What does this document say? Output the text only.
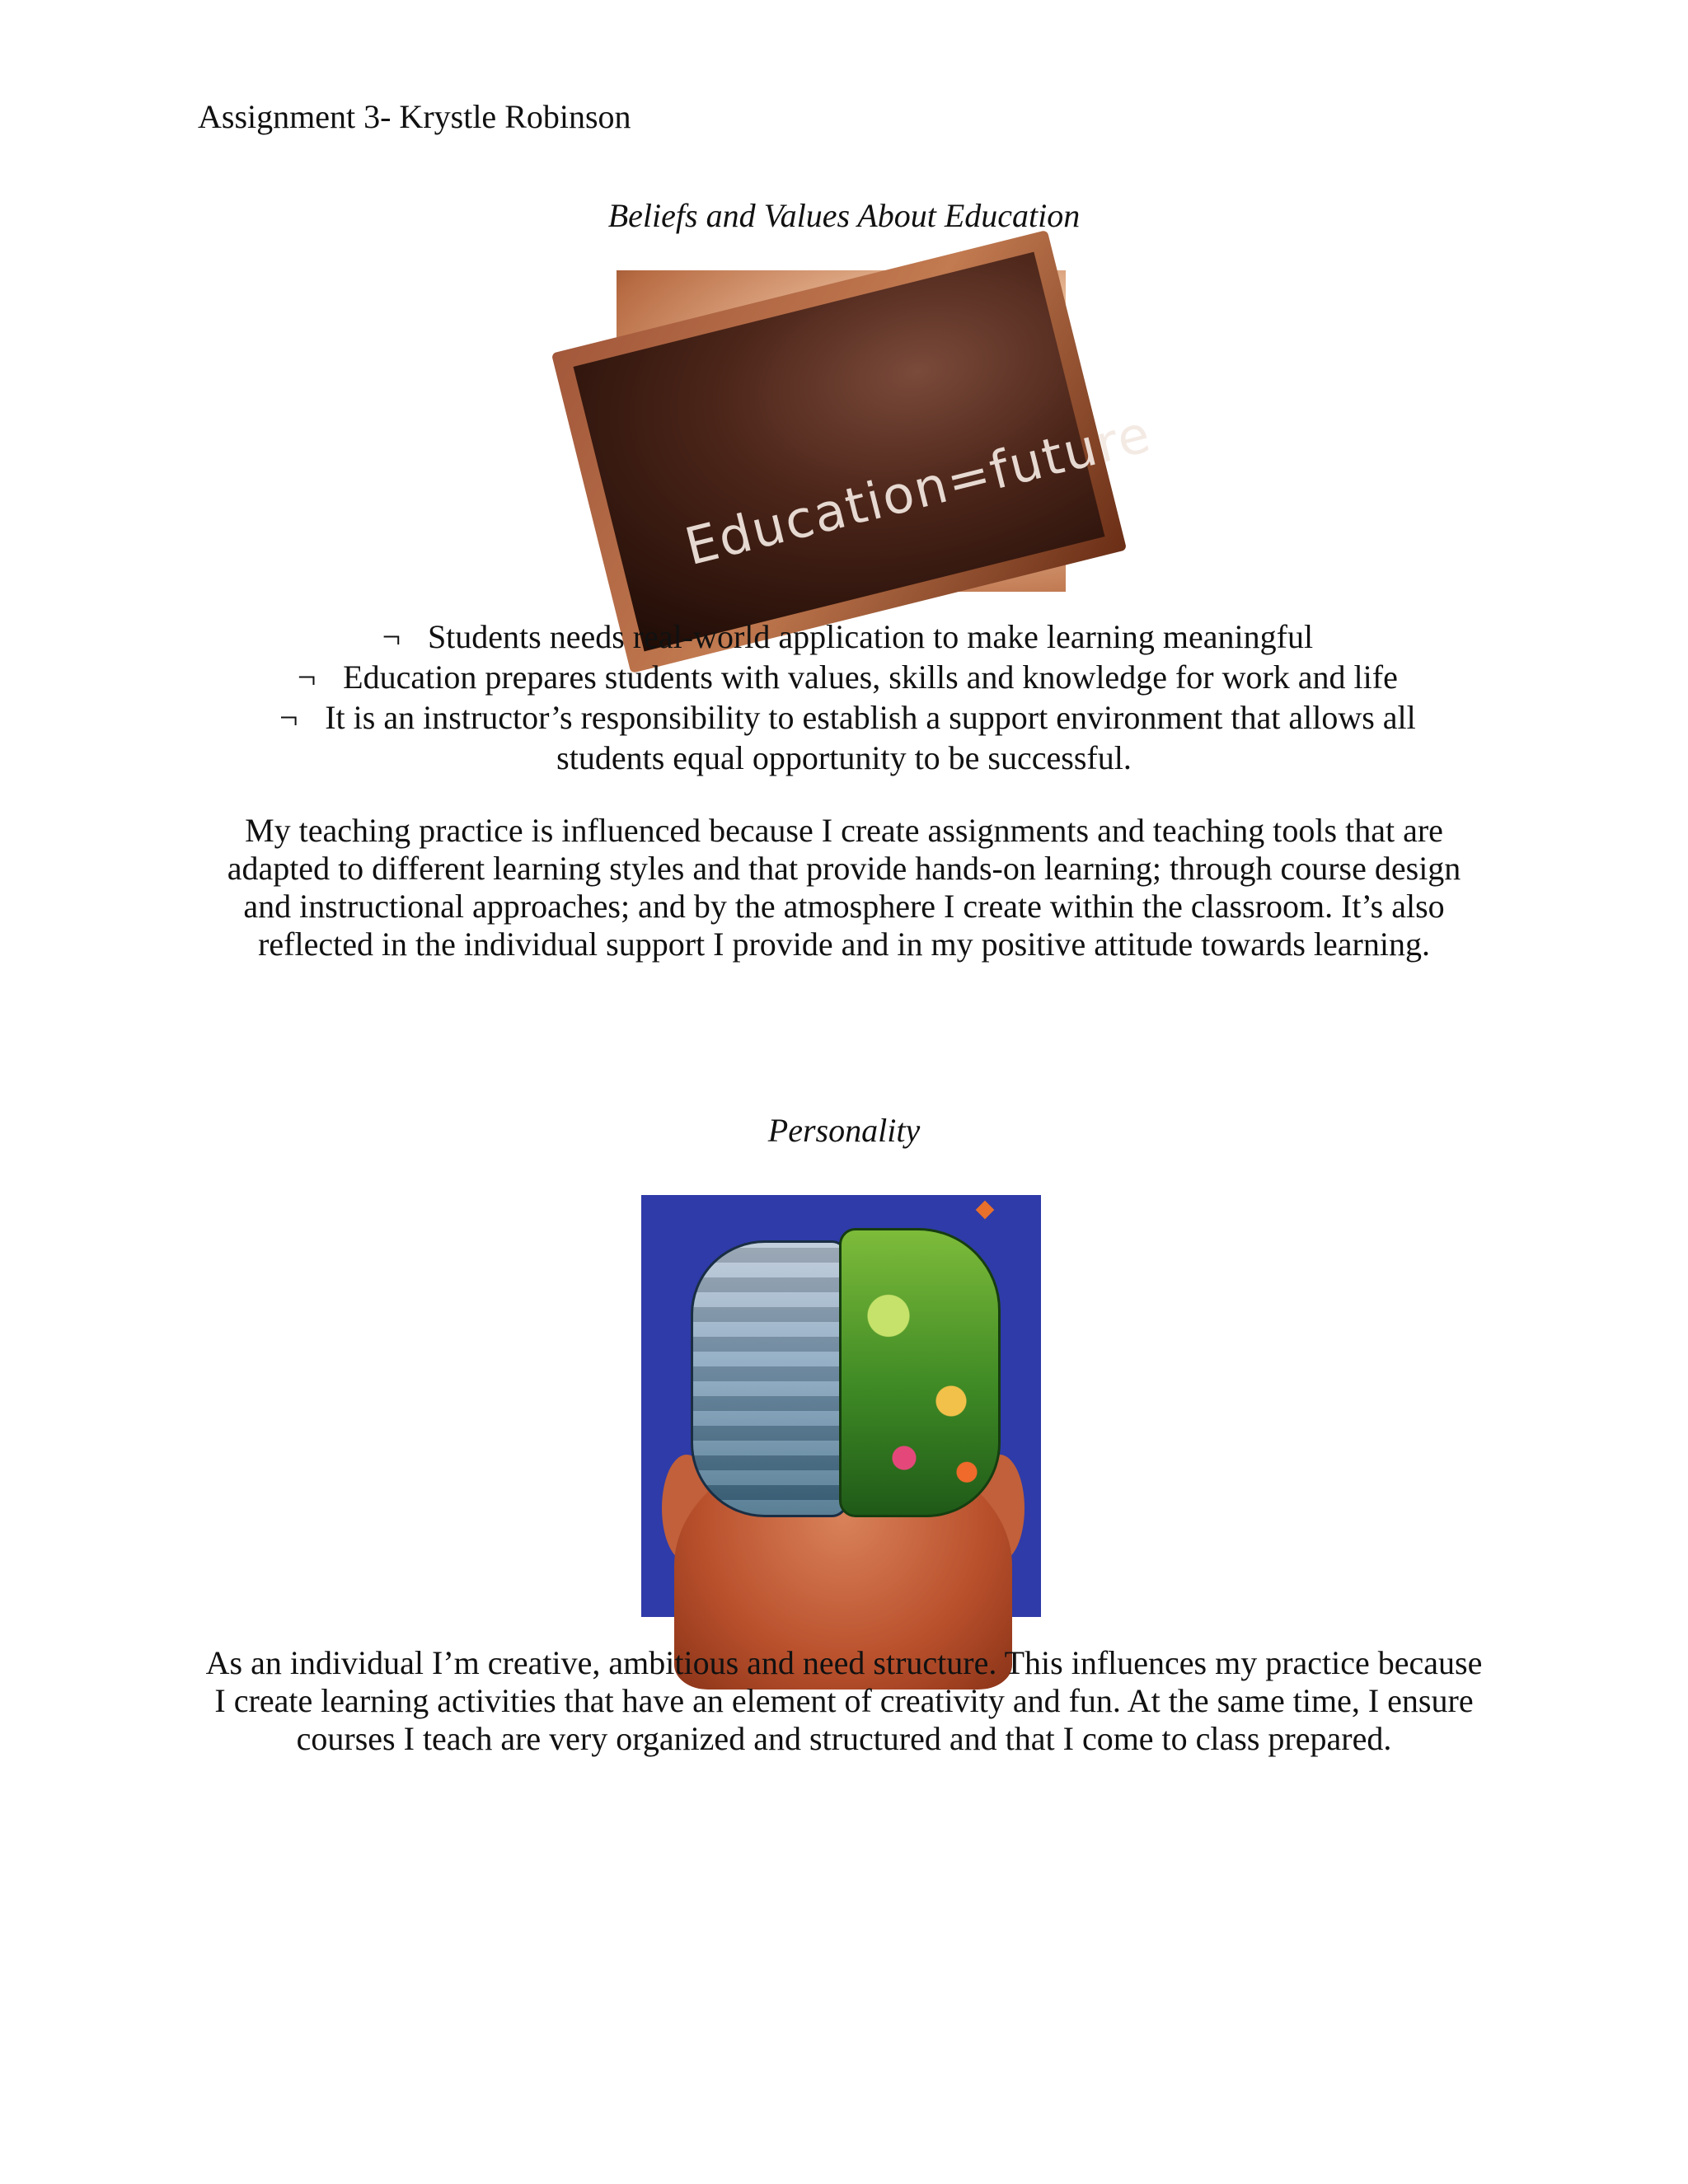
Assignment 3- Krystle Robinson
Beliefs and Values About Education
Education=future
¬ Students needs real-world application to make learning meaningful
¬ Education prepares students with values, skills and knowledge for work and life
¬ It is an instructor’s responsibility to establish a support environment that allows all
students equal opportunity to be successful.
My teaching practice is influenced because I create assignments and teaching tools that are
adapted to different learning styles and that provide hands-on learning; through course design
and instructional approaches; and by the atmosphere I create within the classroom. It’s also
reflected in the individual support I provide and in my positive attitude towards learning.
Personality
As an individual I’m creative, ambitious and need structure. This influences my practice because
I create learning activities that have an element of creativity and fun. At the same time, I ensure
courses I teach are very organized and structured and that I come to class prepared.
